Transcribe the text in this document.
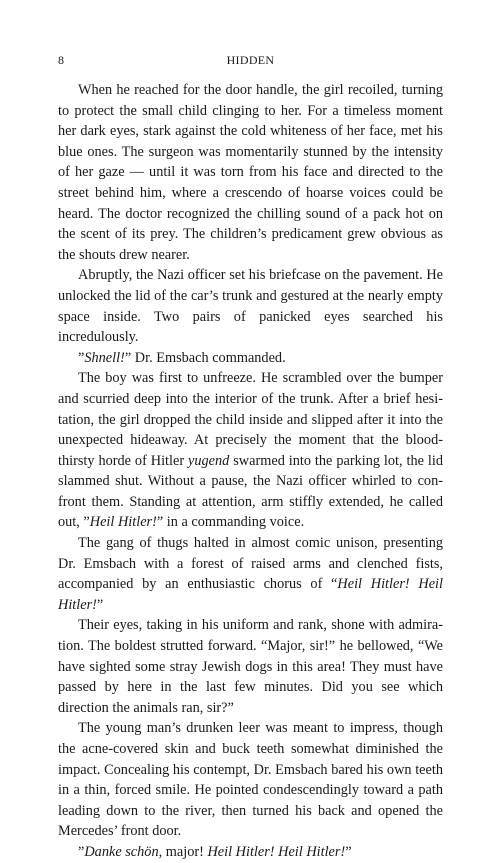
8	HIDDEN

When he reached for the door handle, the girl recoiled, turning to protect the small child clinging to her. For a timeless moment her dark eyes, stark against the cold whiteness of her face, met his blue ones. The surgeon was momentarily stunned by the intensity of her gaze — until it was torn from his face and directed to the street behind him, where a crescendo of hoarse voices could be heard. The doctor recognized the chilling sound of a pack hot on the scent of its prey. The children’s predicament grew obvious as the shouts drew nearer.

Abruptly, the Nazi officer set his briefcase on the pavement. He unlocked the lid of the car’s trunk and gestured at the nearly empty space inside. Two pairs of panicked eyes searched his incredulously.

”Shnell!” Dr. Emsbach commanded.

The boy was first to unfreeze. He scrambled over the bumper and scurried deep into the interior of the trunk. After a brief hesitation, the girl dropped the child inside and slipped after it into the unexpected hideaway. At precisely the moment that the bloodthirsty horde of Hitler yugend swarmed into the parking lot, the lid slammed shut. Without a pause, the Nazi officer whirled to confront them. Standing at attention, arm stiffly extended, he called out, ”Heil Hitler!” in a commanding voice.

The gang of thugs halted in almost comic unison, presenting Dr. Emsbach with a forest of raised arms and clenched fists, accompanied by an enthusiastic chorus of “Heil Hitler! Heil Hitler!”

Their eyes, taking in his uniform and rank, shone with admiration. The boldest strutted forward. “Major, sir!” he bellowed, “We have sighted some stray Jewish dogs in this area! They must have passed by here in the last few minutes. Did you see which direction the animals ran, sir?”

The young man’s drunken leer was meant to impress, though the acne-covered skin and buck teeth somewhat diminished the impact. Concealing his contempt, Dr. Emsbach bared his own teeth in a thin, forced smile. He pointed condescendingly toward a path leading down to the river, then turned his back and opened the Mercedes’ front door.

”Danke schön, major! Heil Hitler! Heil Hitler!”
